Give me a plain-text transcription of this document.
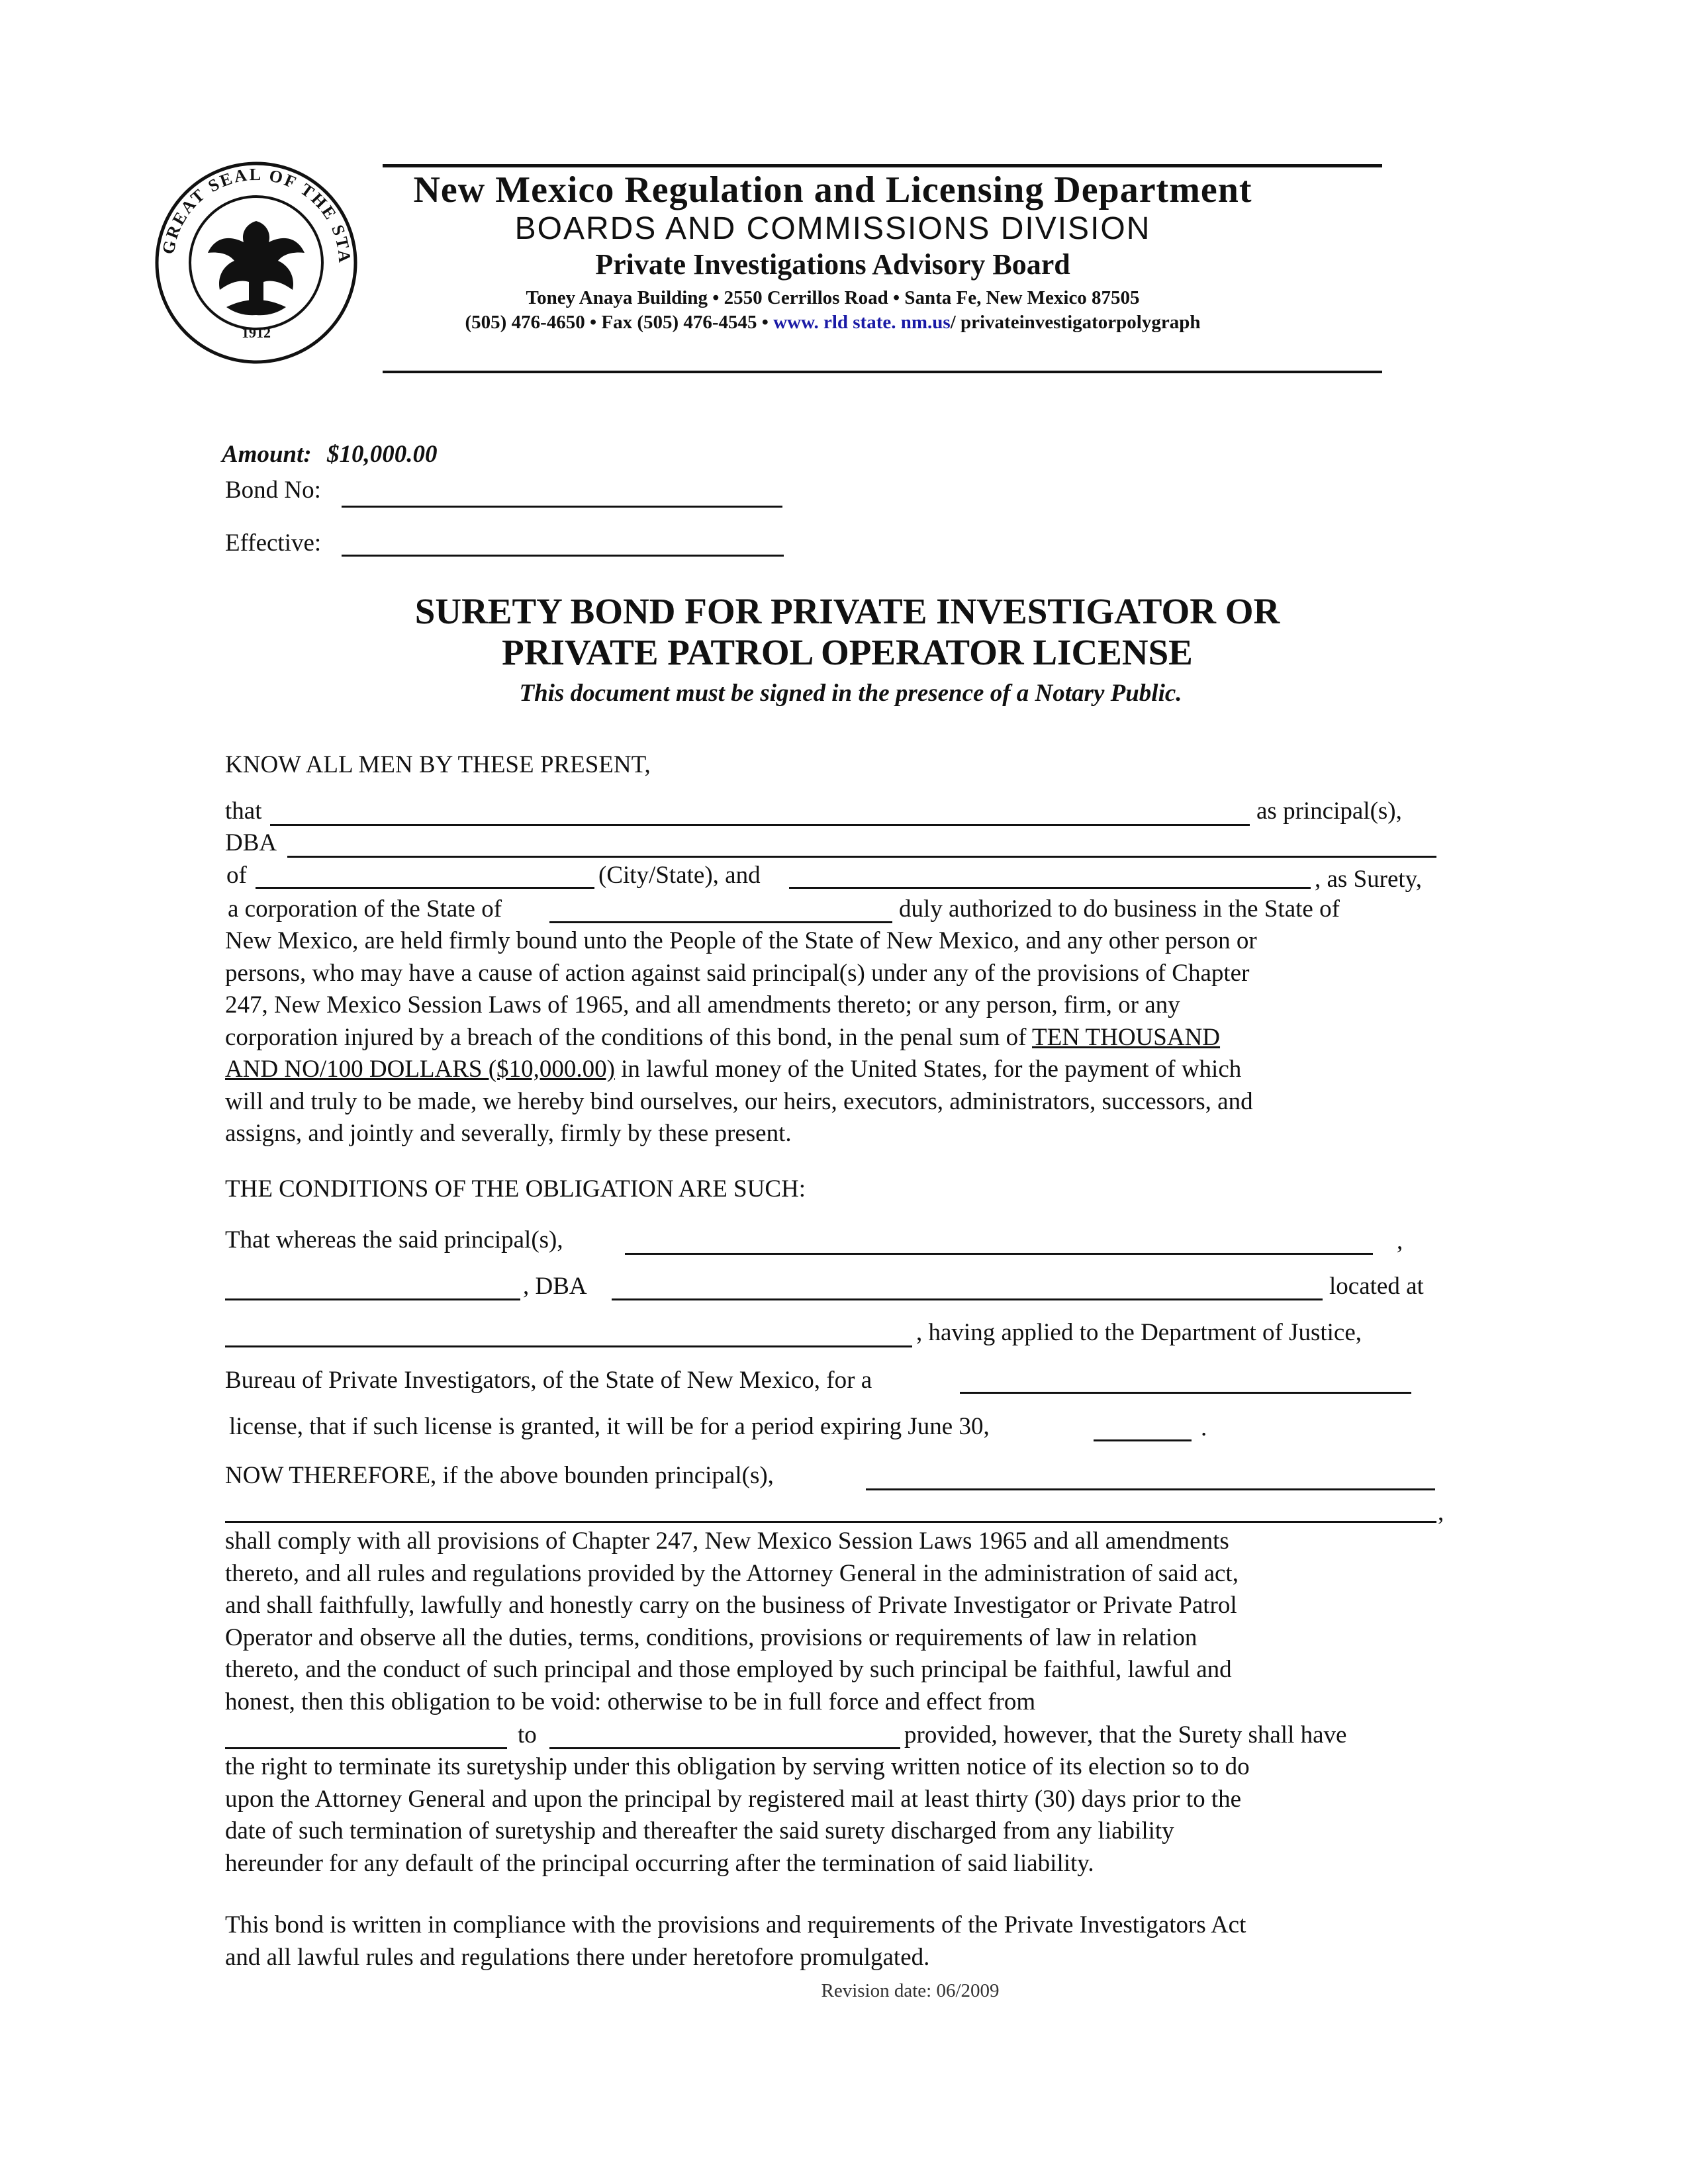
GREAT SEAL OF THE STA
1912
New Mexico Regulation and Licensing Department
BOARDS AND COMMISSIONS DIVISION
Private Investigations Advisory Board
Toney Anaya Building • 2550 Cerrillos Road • Santa Fe, New Mexico 87505
(505) 476-4650 • Fax (505) 476-4545 • www. rld state. nm.us/ privateinvestigatorpolygraph
Amount: $10,000.00
Bond No:
Effective:
SURETY BOND FOR PRIVATE INVESTIGATOR OR
PRIVATE PATROL OPERATOR LICENSE
This document must be signed in the presence of a Notary Public.
KNOW ALL MEN BY THESE PRESENT,
that	as principal(s),
DBA
of	(City/State), and	, as Surety,
a corporation of the State of	duly authorized to do business in the State of
New Mexico, are held firmly bound unto the People of the State of New Mexico, and any other person or
persons, who may have a cause of action against said principal(s) under any of the provisions of Chapter
247, New Mexico Session Laws of 1965, and all amendments thereto; or any person, firm, or any
corporation injured by a breach of the conditions of this bond, in the penal sum of TEN THOUSAND
AND NO/100 DOLLARS ($10,000.00) in lawful money of the United States, for the payment of which
will and truly to be made, we hereby bind ourselves, our heirs, executors, administrators, successors, and
assigns, and jointly and severally, firmly by these present.
THE CONDITIONS OF THE OBLIGATION ARE SUCH:
That whereas the said principal(s),	,
, DBA	located at
, having applied to the Department of Justice,
Bureau of Private Investigators, of the State of New Mexico, for a
license, that if such license is granted, it will be for a period expiring June 30,	.
NOW THEREFORE, if the above bounden principal(s),
,
shall comply with all provisions of Chapter 247, New Mexico Session Laws 1965 and all amendments
thereto, and all rules and regulations provided by the Attorney General in the administration of said act,
and shall faithfully, lawfully and honestly carry on the business of Private Investigator or Private Patrol
Operator and observe all the duties, terms, conditions, provisions or requirements of law in relation
thereto, and the conduct of such principal and those employed by such principal be faithful, lawful and
honest, then this obligation to be void: otherwise to be in full force and effect from
to	provided, however, that the Surety shall have
the right to terminate its suretyship under this obligation by serving written notice of its election so to do
upon the Attorney General and upon the principal by registered mail at least thirty (30) days prior to the
date of such termination of suretyship and thereafter the said surety discharged from any liability
hereunder for any default of the principal occurring after the termination of said liability.
This bond is written in compliance with the provisions and requirements of the Private Investigators Act
and all lawful rules and regulations there under heretofore promulgated.
Revision date: 06/2009
